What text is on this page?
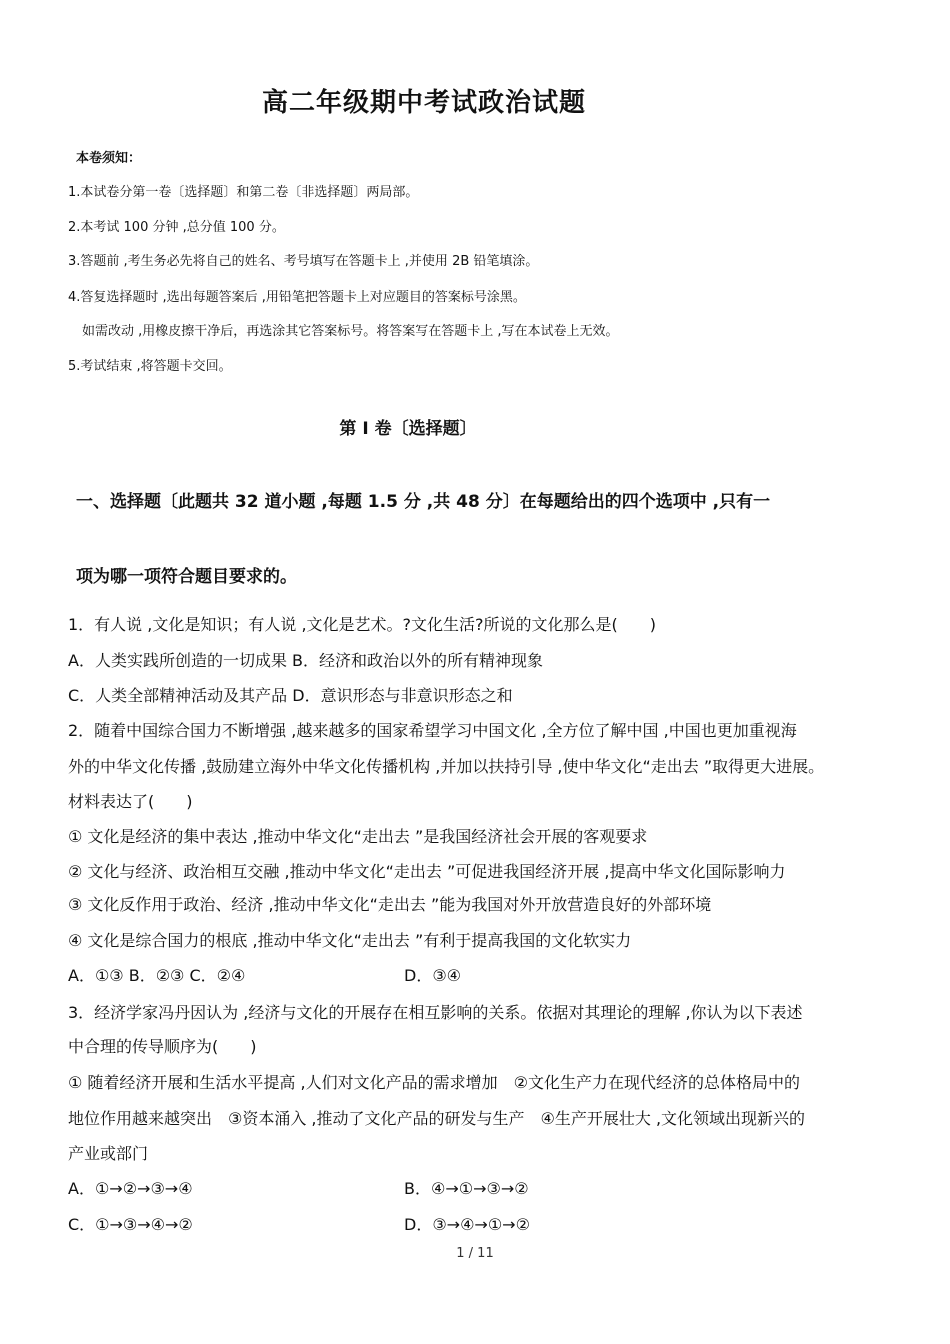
高二年级期中考试政治试题
本卷须知：
1.本试卷分第一卷〔选择题〕和第二卷〔非选择题〕两局部。
2.本考试 100 分钟 ,总分值 100 分。
3.答题前 ,考生务必先将自己的姓名、考号填写在答题卡上 ,并使用 2B 铅笔填涂。
4.答复选择题时 ,选出每题答案后 ,用铅笔把答题卡上对应题目的答案标号涂黑。
如需改动 ,用橡皮擦干净后，再选涂其它答案标号。将答案写在答题卡上 ,写在本试卷上无效。
5.考试结束 ,将答题卡交回。
第 I 卷〔选择题〕
一、选择题〔此题共 32 道小题 ,每题 1.5 分 ,共 48 分〕在每题给出的四个选项中 ,只有一
项为哪一项符合题目要求的。
1．有人说 ,文化是知识；有人说 ,文化是艺术。?文化生活?所说的文化那么是(　　)
A．人类实践所创造的一切成果 B．经济和政治以外的所有精神现象
C．人类全部精神活动及其产品 D．意识形态与非意识形态之和
2．随着中国综合国力不断增强 ,越来越多的国家希望学习中国文化 ,全方位了解中国 ,中国也更加重视海
外的中华文化传播 ,鼓励建立海外中华文化传播机构 ,并加以扶持引导 ,使中华文化“走出去 ”取得更大进展。
材料表达了(　　)
① 文化是经济的集中表达 ,推动中华文化“走出去 ”是我国经济社会开展的客观要求
② 文化与经济、政治相互交融 ,推动中华文化“走出去 ”可促进我国经济开展 ,提高中华文化国际影响力
③ 文化反作用于政治、经济 ,推动中华文化“走出去 ”能为我国对外开放营造良好的外部环境
④ 文化是综合国力的根底 ,推动中华文化“走出去 ”有利于提高我国的文化软实力
A．①③ B．②③ C．②④	D．③④
3．经济学家冯丹因认为 ,经济与文化的开展存在相互影响的关系。依据对其理论的理解 ,你认为以下表述
中合理的传导顺序为(　　)
① 随着经济开展和生活水平提高 ,人们对文化产品的需求增加　②文化生产力在现代经济的总体格局中的
地位作用越来越突出　③资本涌入 ,推动了文化产品的研发与生产　④生产开展壮大 ,文化领域出现新兴的
产业或部门
A．①→②→③→④	B．④→①→③→②
C．①→③→④→②	D．③→④→①→②
1 / 11
